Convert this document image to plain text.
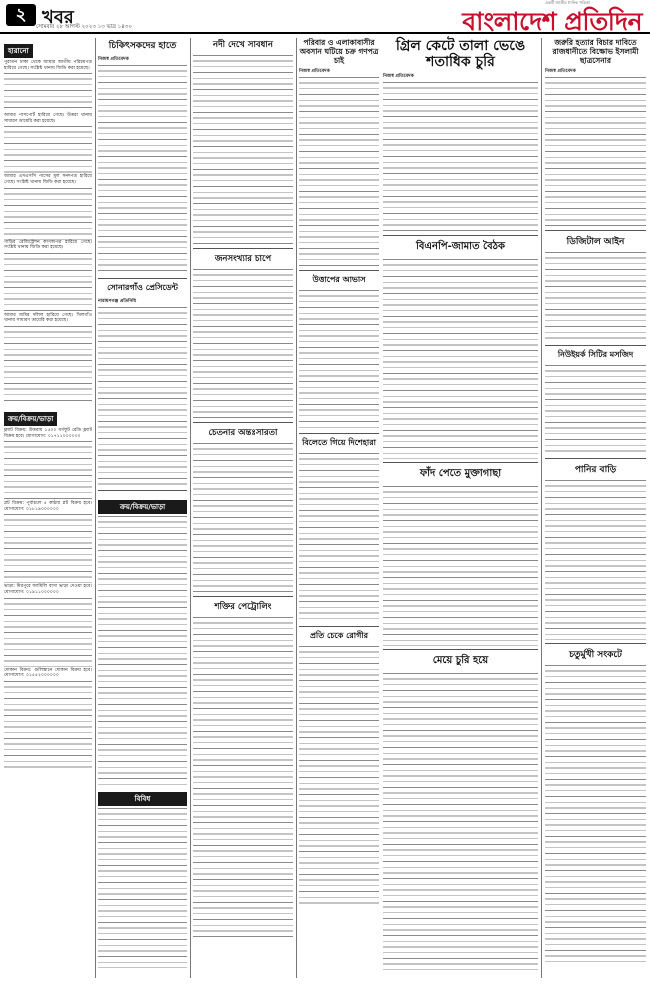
২ খবর
সোমবার ২৮ আগস্ট ২০২৩ ১৩ ভাদ্র ১৪৩০
একটি জাতীয় দৈনিক পত্রিকা
বাংলাদেশ প্রতিদিন
হারানো
পুরাতন ঢাকা থেকে আমার জাতীয় পরিচয়পত্র হারিয়ে গেছে। সংশ্লিষ্ট থানায় জিডি করা হয়েছে।
আমার পাসপোর্ট হারিয়ে গেছে। উত্তরা থানায় সাধারণ ডায়েরি করা হয়েছে।
আমার এসএসসি পাসের মূল সনদপত্র হারিয়ে গেছে। সংশ্লিষ্ট থানায় জিডি করা হয়েছে।
গাড়ির রেজিস্ট্রেশন কাগজপত্র হারিয়ে গেছে। সংশ্লিষ্ট থানায় জিডি করা হয়েছে।
আমার জমির দলিল হারিয়ে গেছে। খিলগাঁও থানায় সাধারণ ডায়েরি করা হয়েছে।
ক্রয়/বিক্রয়/ভাড়া
ফ্ল্যাট বিক্রয়: উত্তরায় ১৫০০ বর্গফুট রেডি ফ্ল্যাট বিক্রয় হবে। যোগাযোগ: ০১৭১১০০০০০০
প্লট বিক্রয়: পূর্বাচলে ৫ কাঠার প্লট বিক্রয় হবে। যোগাযোগ: ০১৮১৯০০০০০০
ভাড়া: মিরপুরে ফ্যামিলি বাসা ভাড়া দেওয়া হবে। যোগাযোগ: ০১৯১১০০০০০০
দোকান বিক্রয়: গুলিস্তানে দোকান বিক্রয় হবে। যোগাযোগ: ০১৫৫২০০০০০০
চিকিৎসকদের হাতে
নিজস্ব প্রতিবেদক
সোনারগাঁও প্রেসিডেন্ট
নারায়ণগঞ্জ প্রতিনিধি
ক্রয়/বিক্রয়/ভাড়া
বিবিধ
নদী দেখে সাবধান
জনসংখ্যার চাপে
চেতনার অন্তঃসারতা
শক্তির পেট্রোলিং
পরিবার ও এলাকাবাসীর অবসান ঘটিয়ে চক্র গণপত্র চাই
নিজস্ব প্রতিবেদক
উত্তাপের আভাস
বিলেতে গিয়ে দিশেহারা
প্রতি চেকে রোগীর
গ্রিল কেটে তালা ভেঙে
শতাধিক চুরি
নিজস্ব প্রতিবেদক
বিএনপি-জামাত বৈঠক
ফাঁদ পেতে মুক্তাগাছা
মেয়ে চুরি হয়ে
জরুরি হত্যার বিচার দাবিতে রাজধানীতে বিক্ষোভ ইসলামী ছাত্রসেনার
নিজস্ব প্রতিবেদক
ডিজিটাল আইন
নিউইয়র্ক সিটির মসজিদ
পানির বাড়ি
চতুর্মুখী সংকটে
